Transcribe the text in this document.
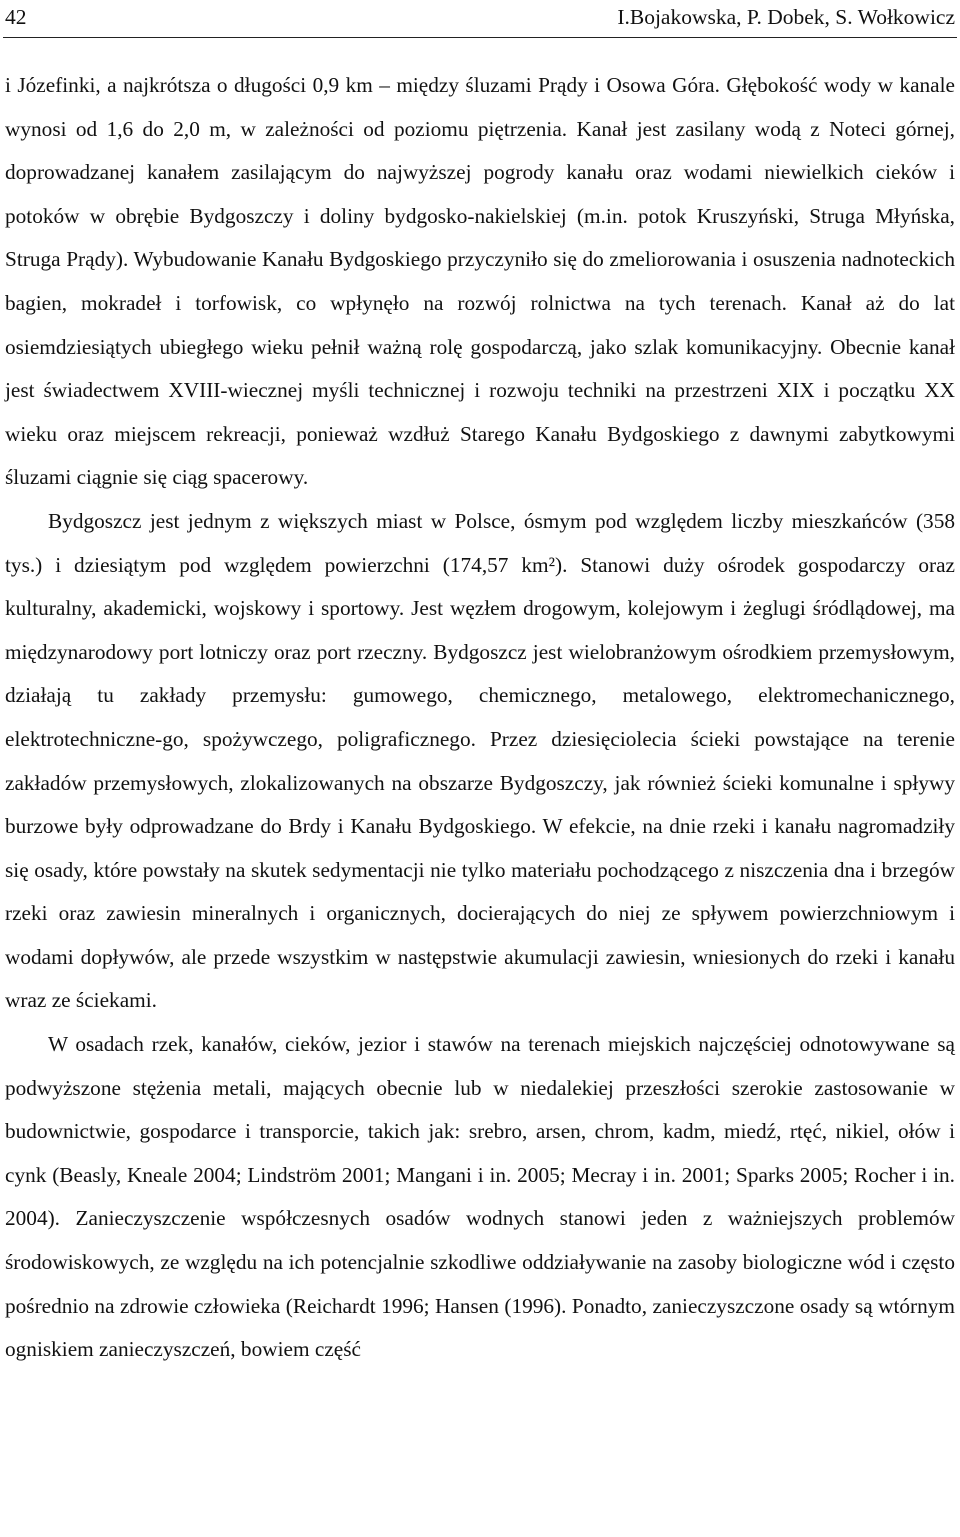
42	I.Bojakowska, P. Dobek, S. Wołkowicz

i Józefinki, a najkrótsza o długości 0,9 km – między śluzami Prądy i Osowa Góra. Głębokość wody w kanale wynosi od 1,6 do 2,0 m, w zależności od poziomu piętrzenia. Kanał jest zasilany wodą z Noteci górnej, doprowadzanej kanałem zasilającym do najwyższej pogrody kanału oraz wodami niewielkich cieków i potoków w obrębie Bydgoszczy i doliny bydgosko-nakielskiej (m.in. potok Kruszyński, Struga Młyńska, Struga Prądy). Wybudowanie Kanału Bydgoskiego przyczyniło się do zmeliorowania i osuszenia nadnoteckich bagien, mokradeł i torfowisk, co wpłynęło na rozwój rolnictwa na tych terenach. Kanał aż do lat osiemdziesiątych ubiegłego wieku pełnił ważną rolę gospodarczą, jako szlak komunikacyjny. Obecnie kanał jest świadectwem XVIII-wiecznej myśli technicznej i rozwoju techniki na przestrzeni XIX i początku XX wieku oraz miejscem rekreacji, ponieważ wzdłuż Starego Kanału Bydgoskiego z dawnymi zabytkowymi śluzami ciągnie się ciąg spacerowy.

Bydgoszcz jest jednym z większych miast w Polsce, ósmym pod względem liczby mieszkańców (358 tys.) i dziesiątym pod względem powierzchni (174,57 km²). Stanowi duży ośrodek gospodarczy oraz kulturalny, akademicki, wojskowy i sportowy. Jest węzłem drogowym, kolejowym i żeglugi śródlądowej, ma międzynarodowy port lotniczy oraz port rzeczny. Bydgoszcz jest wielobranżowym ośrodkiem przemysłowym, działają tu zakłady przemysłu: gumowego, chemicznego, metalowego, elektromechanicznego, elektrotechniczne-go, spożywczego, poligraficznego. Przez dziesięciolecia ścieki powstające na terenie zakładów przemysłowych, zlokalizowanych na obszarze Bydgoszczy, jak również ścieki komunalne i spływy burzowe były odprowadzane do Brdy i Kanału Bydgoskiego. W efekcie, na dnie rzeki i kanału nagromadziły się osady, które powstały na skutek sedymentacji nie tylko materiału pochodzącego z niszczenia dna i brzegów rzeki oraz zawiesin mineralnych i organicznych, docierających do niej ze spływem powierzchniowym i wodami dopływów, ale przede wszystkim w następstwie akumulacji zawiesin, wniesionych do rzeki i kanału wraz ze ściekami.

W osadach rzek, kanałów, cieków, jezior i stawów na terenach miejskich najczęściej odnotowywane są podwyższone stężenia metali, mających obecnie lub w niedalekiej przeszłości szerokie zastosowanie w budownictwie, gospodarce i transporcie, takich jak: srebro, arsen, chrom, kadm, miedź, rtęć, nikiel, ołów i cynk (Beasly, Kneale 2004; Lindström 2001; Mangani i in. 2005; Mecray i in. 2001; Sparks 2005; Rocher i in. 2004). Zanieczyszczenie współczesnych osadów wodnych stanowi jeden z ważniejszych problemów środowiskowych, ze względu na ich potencjalnie szkodliwe oddziaływanie na zasoby biologiczne wód i często pośrednio na zdrowie człowieka (Reichardt 1996; Hansen (1996). Ponadto, zanieczyszczone osady są wtórnym ogniskiem zanieczyszczeń, bowiem część
